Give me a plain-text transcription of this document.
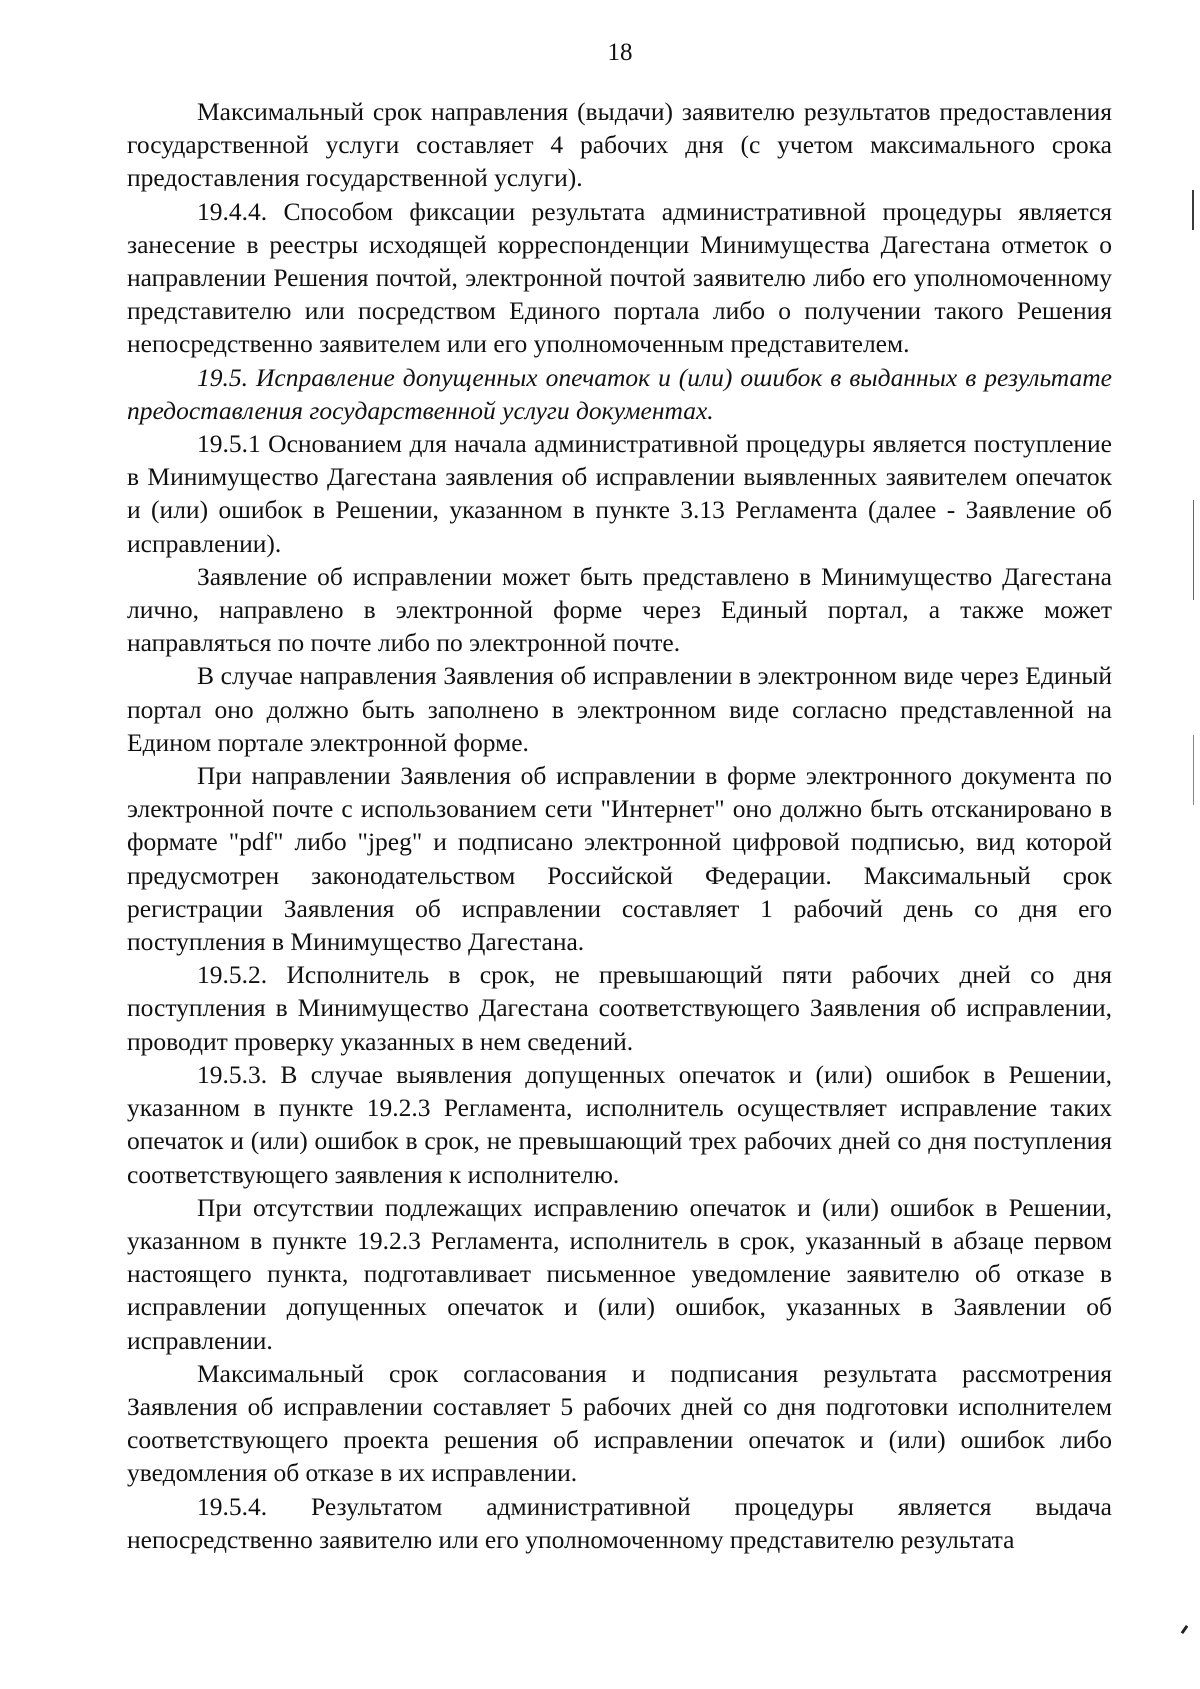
18

Максимальный срок направления (выдачи) заявителю результатов предоставления государственной услуги составляет 4 рабочих дня (с учетом максимального срока предоставления государственной услуги).

19.4.4. Способом фиксации результата административной процедуры является занесение в реестры исходящей корреспонденции Минимущества Дагестана отметок о направлении Решения почтой, электронной почтой заявителю либо его уполномоченному представителю или посредством Единого портала либо о получении такого Решения непосредственно заявителем или его уполномоченным представителем.

19.5. Исправление допущенных опечаток и (или) ошибок в выданных в результате предоставления государственной услуги документах.

19.5.1 Основанием для начала административной процедуры является поступление в Минимущество Дагестана заявления об исправлении выявленных заявителем опечаток и (или) ошибок в Решении, указанном в пункте 3.13 Регламента (далее - Заявление об исправлении).

Заявление об исправлении может быть представлено в Минимущество Дагестана лично, направлено в электронной форме через Единый портал, а также может направляться по почте либо по электронной почте.

В случае направления Заявления об исправлении в электронном виде через Единый портал оно должно быть заполнено в электронном виде согласно представленной на Едином портале электронной форме.

При направлении Заявления об исправлении в форме электронного документа по электронной почте с использованием сети "Интернет" оно должно быть отсканировано в формате "pdf" либо "jpeg" и подписано электронной цифровой подписью, вид которой предусмотрен законодательством Российской Федерации. Максимальный срок регистрации Заявления об исправлении составляет 1 рабочий день со дня его поступления в Минимущество Дагестана.

19.5.2. Исполнитель в срок, не превышающий пяти рабочих дней со дня поступления в Минимущество Дагестана соответствующего Заявления об исправлении, проводит проверку указанных в нем сведений.

19.5.3. В случае выявления допущенных опечаток и (или) ошибок в Решении, указанном в пункте 19.2.3 Регламента, исполнитель осуществляет исправление таких опечаток и (или) ошибок в срок, не превышающий трех рабочих дней со дня поступления соответствующего заявления к исполнителю.

При отсутствии подлежащих исправлению опечаток и (или) ошибок в Решении, указанном в пункте 19.2.3 Регламента, исполнитель в срок, указанный в абзаце первом настоящего пункта, подготавливает письменное уведомление заявителю об отказе в исправлении допущенных опечаток и (или) ошибок, указанных в Заявлении об исправлении.

Максимальный срок согласования и подписания результата рассмотрения Заявления об исправлении составляет 5 рабочих дней со дня подготовки исполнителем соответствующего проекта решения об исправлении опечаток и (или) ошибок либо уведомления об отказе в их исправлении.

19.5.4. Результатом административной процедуры является выдача непосредственно заявителю или его уполномоченному представителю результата
